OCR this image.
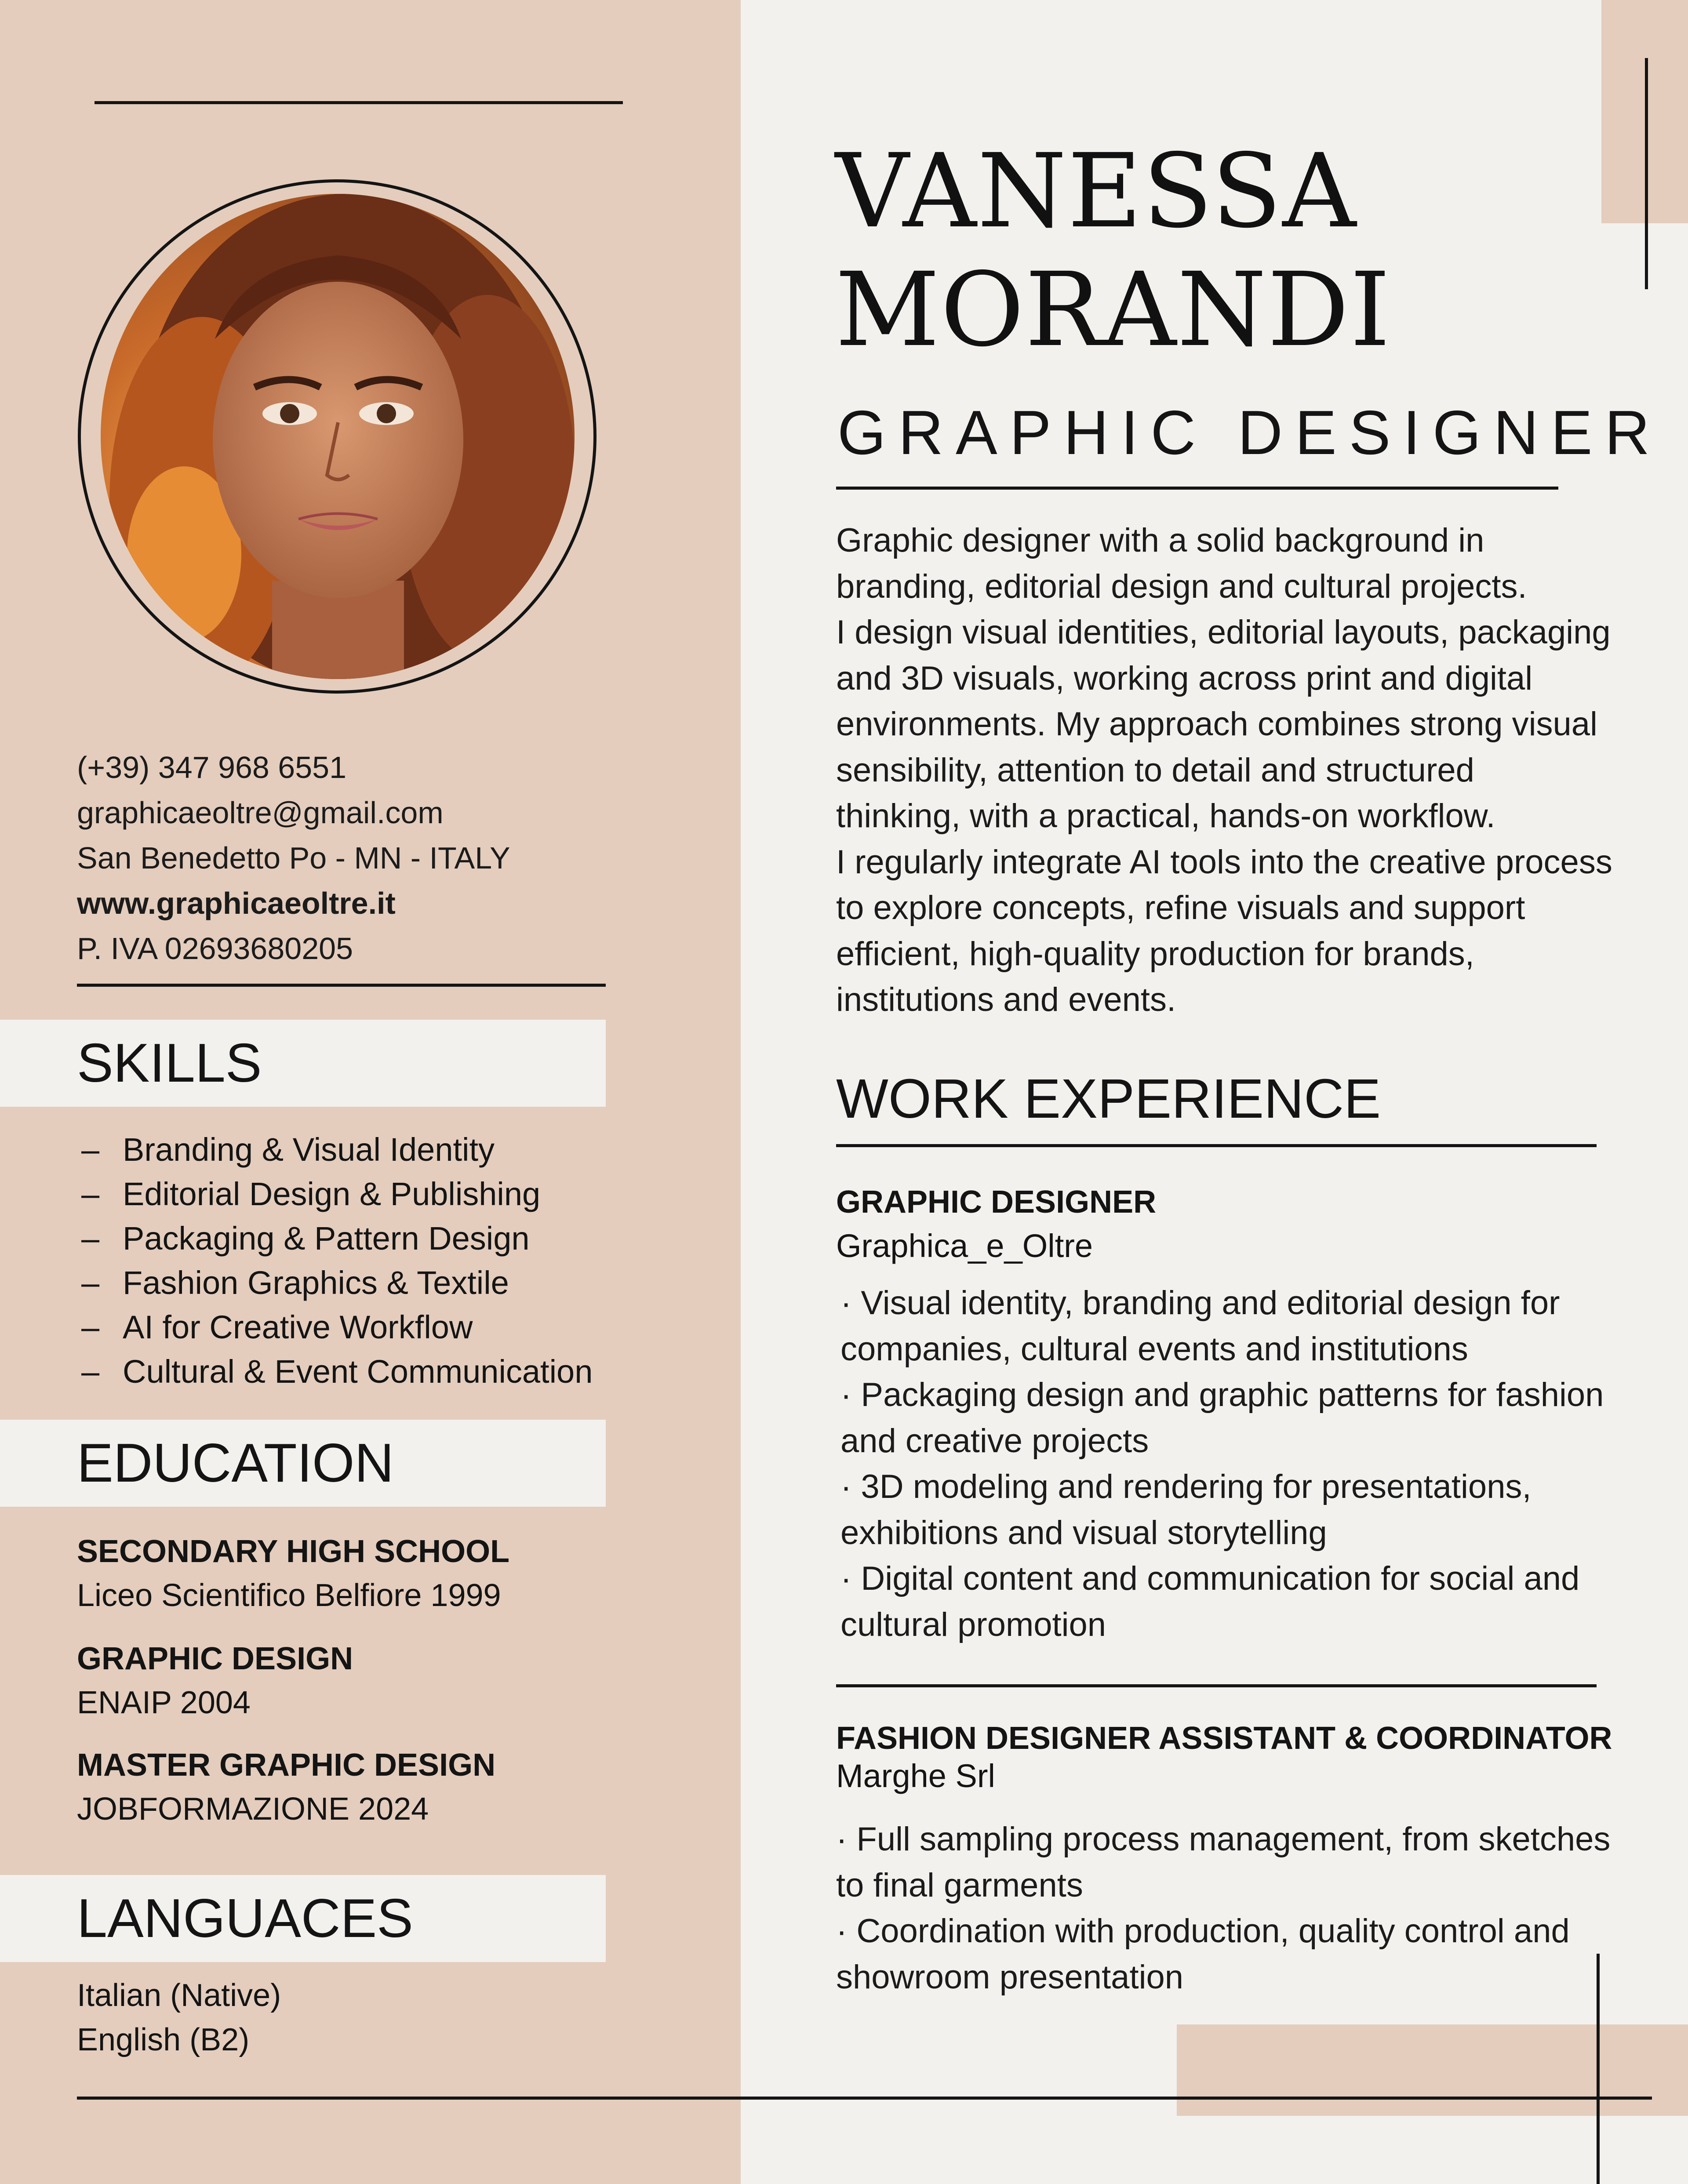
(+39) 347 968 6551
graphicaeoltre@gmail.com
San Benedetto Po - MN - ITALY
www.graphicaeoltre.it
P. IVA 02693680205
SKILLS
– Branding & Visual Identity
– Editorial Design & Publishing
– Packaging & Pattern Design
– Fashion Graphics & Textile
– AI for Creative Workflow
– Cultural & Event Communication
EDUCATION
SECONDARY HIGH SCHOOL
Liceo Scientifico Belfiore 1999
GRAPHIC DESIGN
ENAIP 2004
MASTER GRAPHIC DESIGN
JOBFORMAZIONE 2024
LANGUACES
Italian (Native)
English (B2)
VANESSA
MORANDI
GRAPHIC DESIGNER
Graphic designer with a solid background in
branding, editorial design and cultural projects.
I design visual identities, editorial layouts, packaging
and 3D visuals, working across print and digital
environments. My approach combines strong visual
sensibility, attention to detail and structured
thinking, with a practical, hands-on workflow.
I regularly integrate AI tools into the creative process
to explore concepts, refine visuals and support
efficient, high-quality production for brands,
institutions and events.
WORK EXPERIENCE
GRAPHIC DESIGNER
Graphica_e_Oltre
· Visual identity, branding and editorial design for
companies, cultural events and institutions
· Packaging design and graphic patterns for fashion
and creative projects
· 3D modeling and rendering for presentations,
exhibitions and visual storytelling
· Digital content and communication for social and
cultural promotion
FASHION DESIGNER ASSISTANT & COORDINATOR
Marghe Srl
· Full sampling process management, from sketches
to final garments
· Coordination with production, quality control and
showroom presentation
